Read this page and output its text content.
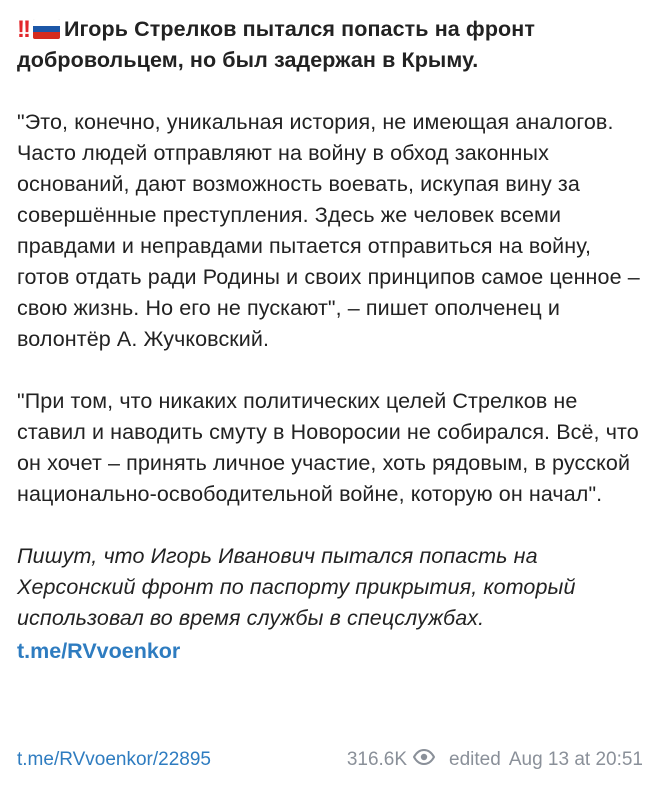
!! Игорь Стрелков пытался попасть на фронт добровольцем, но был задержан в Крыму.

"Это, конечно, уникальная история, не имеющая аналогов. Часто людей отправляют на войну в обход законных оснований, дают возможность воевать, искупая вину за совершённые преступления. Здесь же человек всеми правдами и неправдами пытается отправиться на войну, готов отдать ради Родины и своих принципов самое ценное – свою жизнь. Но его не пускают", – пишет ополченец и волонтёр А. Жучковский.

"При том, что никаких политических целей Стрелков не ставил и наводить смуту в Новоросии не собирался. Всё, что он хочет – принять личное участие, хоть рядовым, в русской национально-освободительной войне, которую он начал".

Пишут, что Игорь Иванович пытался попасть на Херсонский фронт по паспорту прикрытия, который использовал во время службы в спецслужбах.

t.me/RVvoenkor
t.me/RVvoenkor/22895	316.6K edited Aug 13 at 20:51
